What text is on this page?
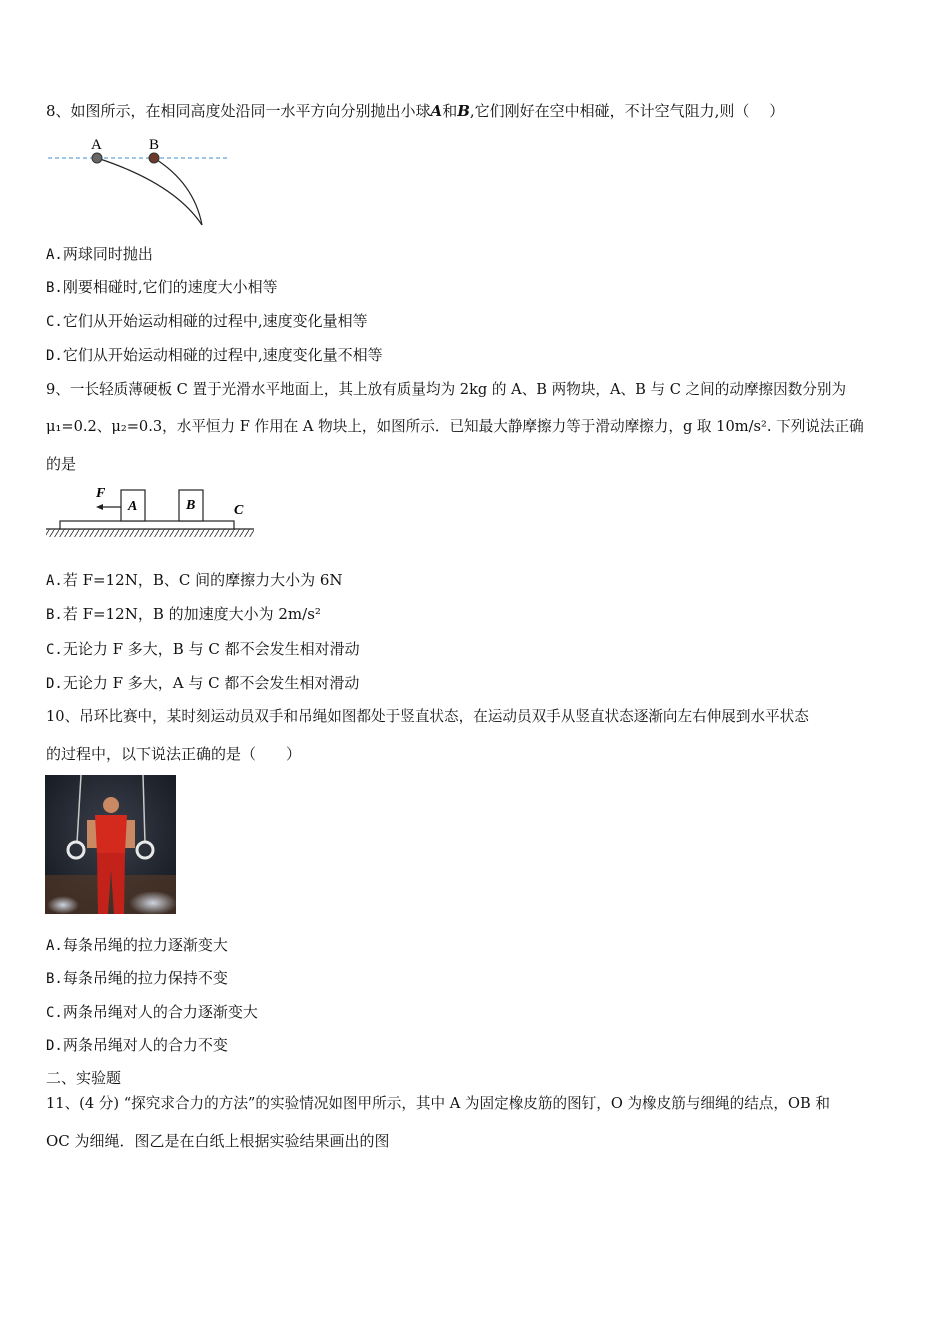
8、如图所示，在相同高度处沿同一水平方向分别抛出小球A和B,它们刚好在空中相碰，不计空气阻力,则（　 ）
A	B
A.两球同时抛出
B.刚要相碰时,它们的速度大小相等
C.它们从开始运动相碰的过程中,速度变化量相等
D.它们从开始运动相碰的过程中,速度变化量不相等
9、一长轻质薄硬板 C 置于光滑水平地面上，其上放有质量均为 2kg 的 A、B 两物块，A、B 与 C 之间的动摩擦因数分别为
μ₁=0.2、μ₂=0.3，水平恒力 F 作用在 A 物块上，如图所示．已知最大静摩擦力等于滑动摩擦力，g 取 10m/s². 下列说法正确
的是
F
A	B	C
A.若 F=12N，B、C 间的摩擦力大小为 6N
B.若 F=12N，B 的加速度大小为 2m/s²
C.无论力 F 多大，B 与 C 都不会发生相对滑动
D.无论力 F 多大，A 与 C 都不会发生相对滑动
10、吊环比赛中，某时刻运动员双手和吊绳如图都处于竖直状态，在运动员双手从竖直状态逐渐向左右伸展到水平状态
的过程中，以下说法正确的是（　　）
A.每条吊绳的拉力逐渐变大
B.每条吊绳的拉力保持不变
C.两条吊绳对人的合力逐渐变大
D.两条吊绳对人的合力不变
二、实验题
11、(4 分) “探究求合力的方法”的实验情况如图甲所示，其中 A 为固定橡皮筋的图钉，O 为橡皮筋与细绳的结点，OB 和
OC 为细绳．图乙是在白纸上根据实验结果画出的图
